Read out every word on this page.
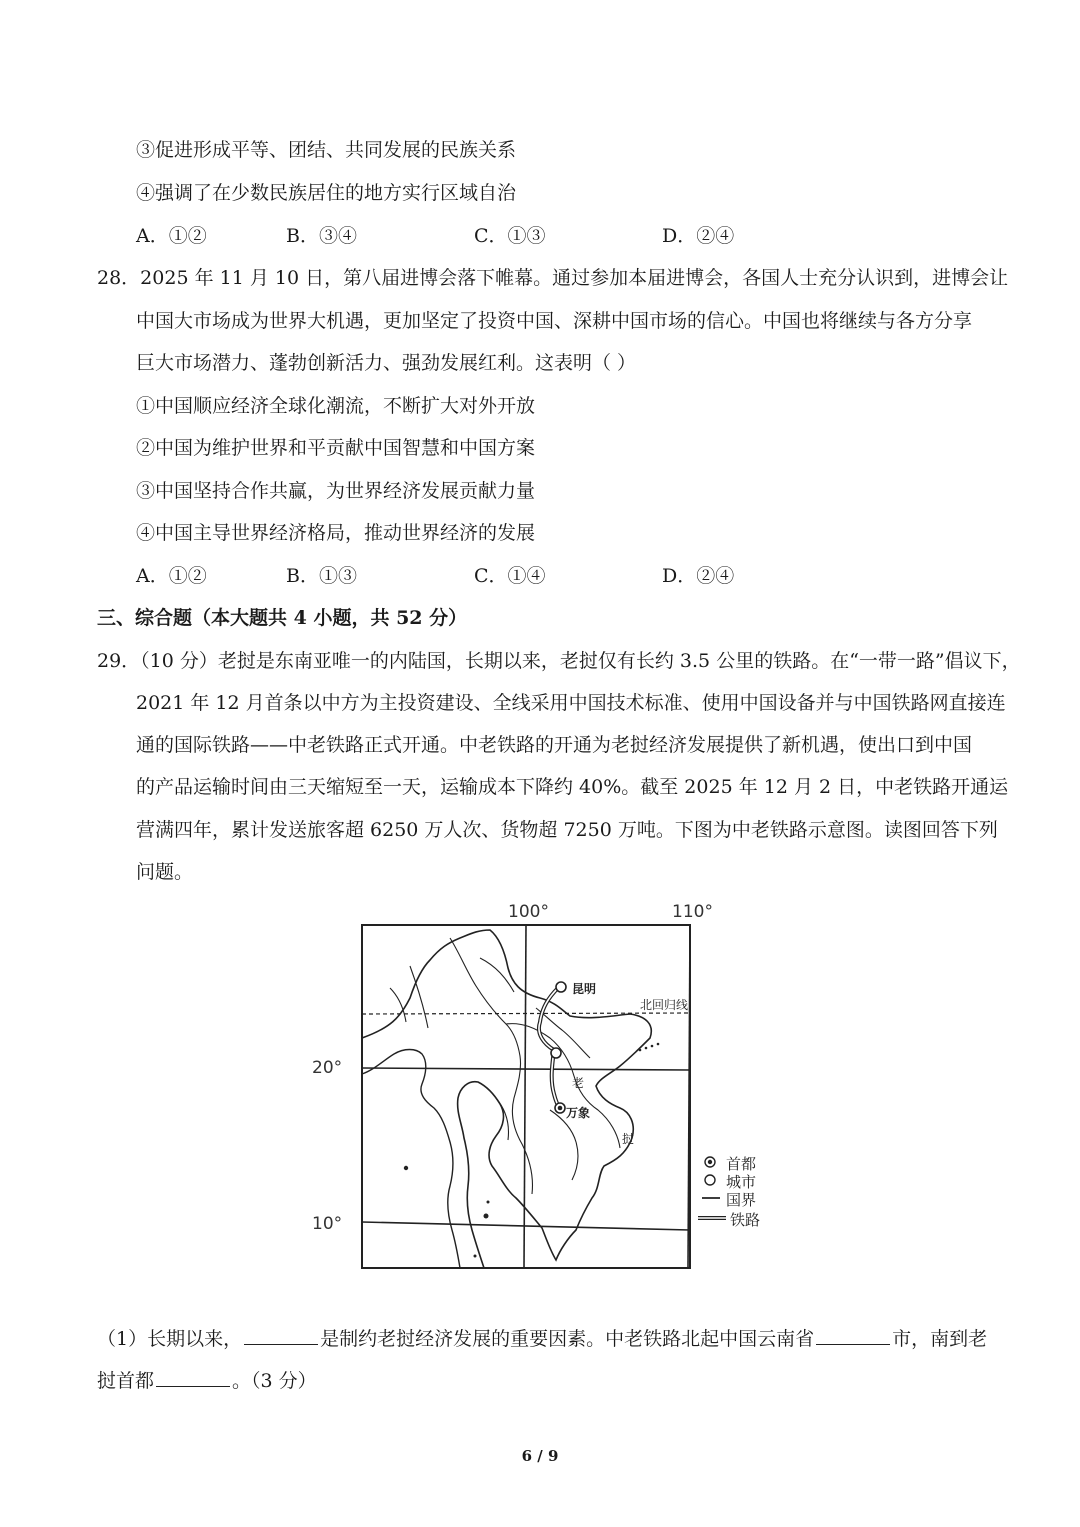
③促进形成平等、团结、共同发展的民族关系
④强调了在少数民族居住的地方实行区域自治
A．①②	B．③④	C．①③	D．②④
28．2025 年 11 月 10 日，第八届进博会落下帷幕。通过参加本届进博会，各国人士充分认识到，进博会让
中国大市场成为世界大机遇，更加坚定了投资中国、深耕中国市场的信心。中国也将继续与各方分享
巨大市场潜力、蓬勃创新活力、强劲发展红利。这表明（ ）
①中国顺应经济全球化潮流，不断扩大对外开放
②中国为维护世界和平贡献中国智慧和中国方案
③中国坚持合作共赢，为世界经济发展贡献力量
④中国主导世界经济格局，推动世界经济的发展
A．①②	B．①③	C．①④	D．②④
三、综合题（本大题共 4 小题，共 52 分）
29．（10 分）老挝是东南亚唯一的内陆国，长期以来，老挝仅有长约 3.5 公里的铁路。在“一带一路”倡议下，
2021 年 12 月首条以中方为主投资建设、全线采用中国技术标准、使用中国设备并与中国铁路网直接连
通的国际铁路——中老铁路正式开通。中老铁路的开通为老挝经济发展提供了新机遇，使出口到中国
的产品运输时间由三天缩短至一天，运输成本下降约 40%。截至 2025 年 12 月 2 日，中老铁路开通运
营满四年，累计发送旅客超 6250 万人次、货物超 7250 万吨。下图为中老铁路示意图。读图回答下列
问题。
100°	110°
20°
10°
北回归线
昆明
万象
老
挝
首都
城市
国界
铁路
（1）长期以来，	是制约老挝经济发展的重要因素。中老铁路北起中国云南省	市，南到老
挝首都	。（3 分）
6 / 9
